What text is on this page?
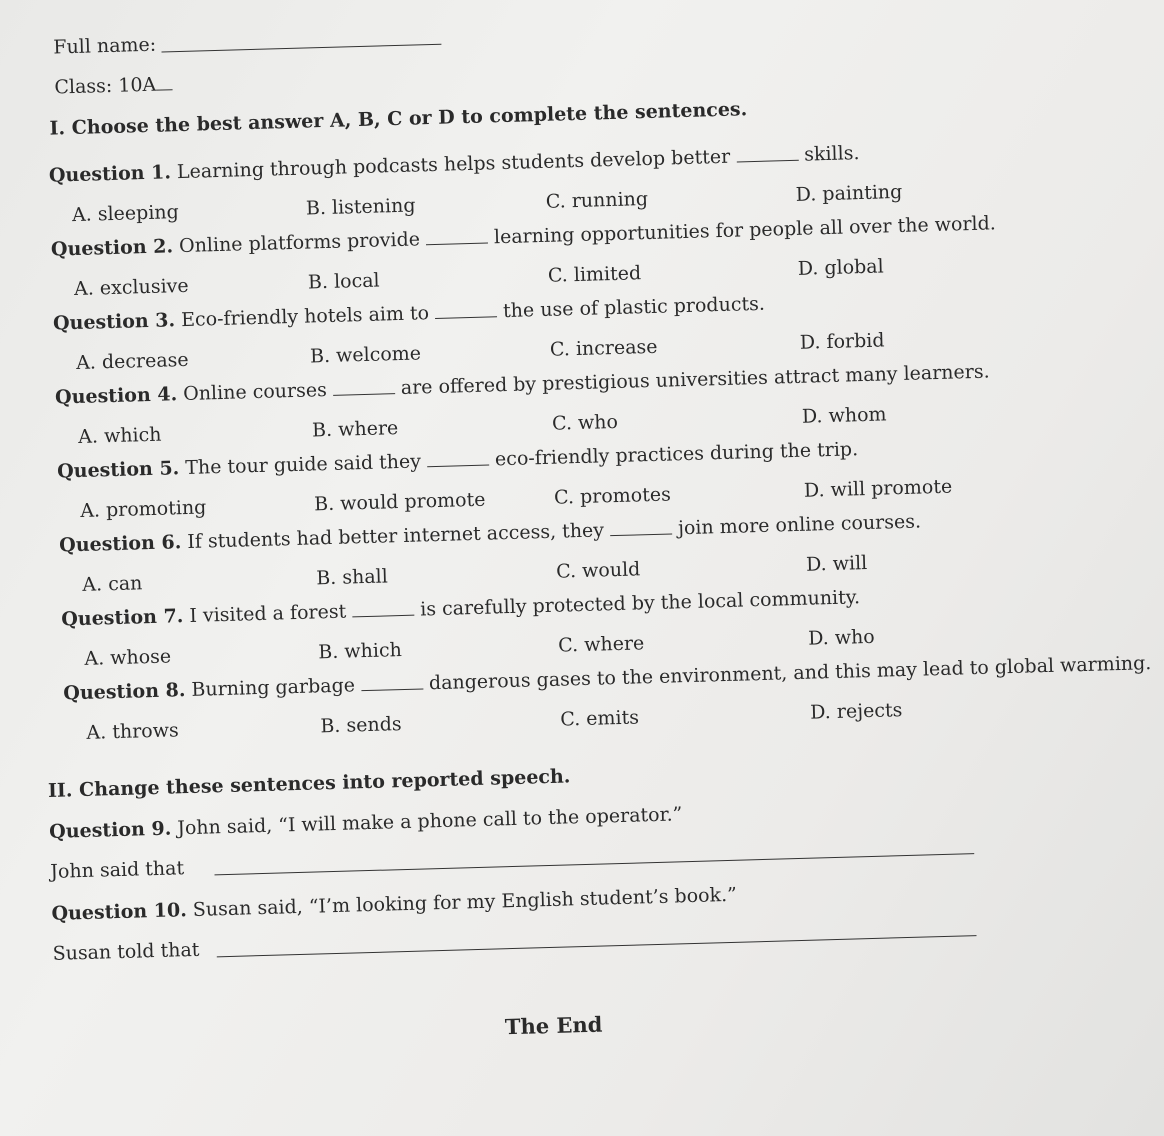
Full name:
Class: 10A
I. Choose the best answer A, B, C or D to complete the sentences.
Question 1. Learning through podcasts helps students develop better	skills.
A. sleeping	B. listening	C. running	D. painting
Question 2. Online platforms provide	learning opportunities for people all over the world.
A. exclusive	B. local	C. limited	D. global
Question 3. Eco-friendly hotels aim to	the use of plastic products.
A. decrease	B. welcome	C. increase	D. forbid
Question 4. Online courses	are offered by prestigious universities attract many learners.
A. which	B. where	C. who	D. whom
Question 5. The tour guide said they	eco-friendly practices during the trip.
A. promoting	B. would promote	C. promotes	D. will promote
Question 6. If students had better internet access, they	join more online courses.
A. can	B. shall	C. would	D. will
Question 7. I visited a forest	is carefully protected by the local community.
A. whose	B. which	C. where	D. who
Question 8. Burning garbage	dangerous gases to the environment, and this may lead to global warming.
A. throws	B. sends	C. emits	D. rejects
II. Change these sentences into reported speech.
Question 9. John said, “I will make a phone call to the operator.”
John said that
Question 10. Susan said, “I’m looking for my English student’s book.”
Susan told that
The End
